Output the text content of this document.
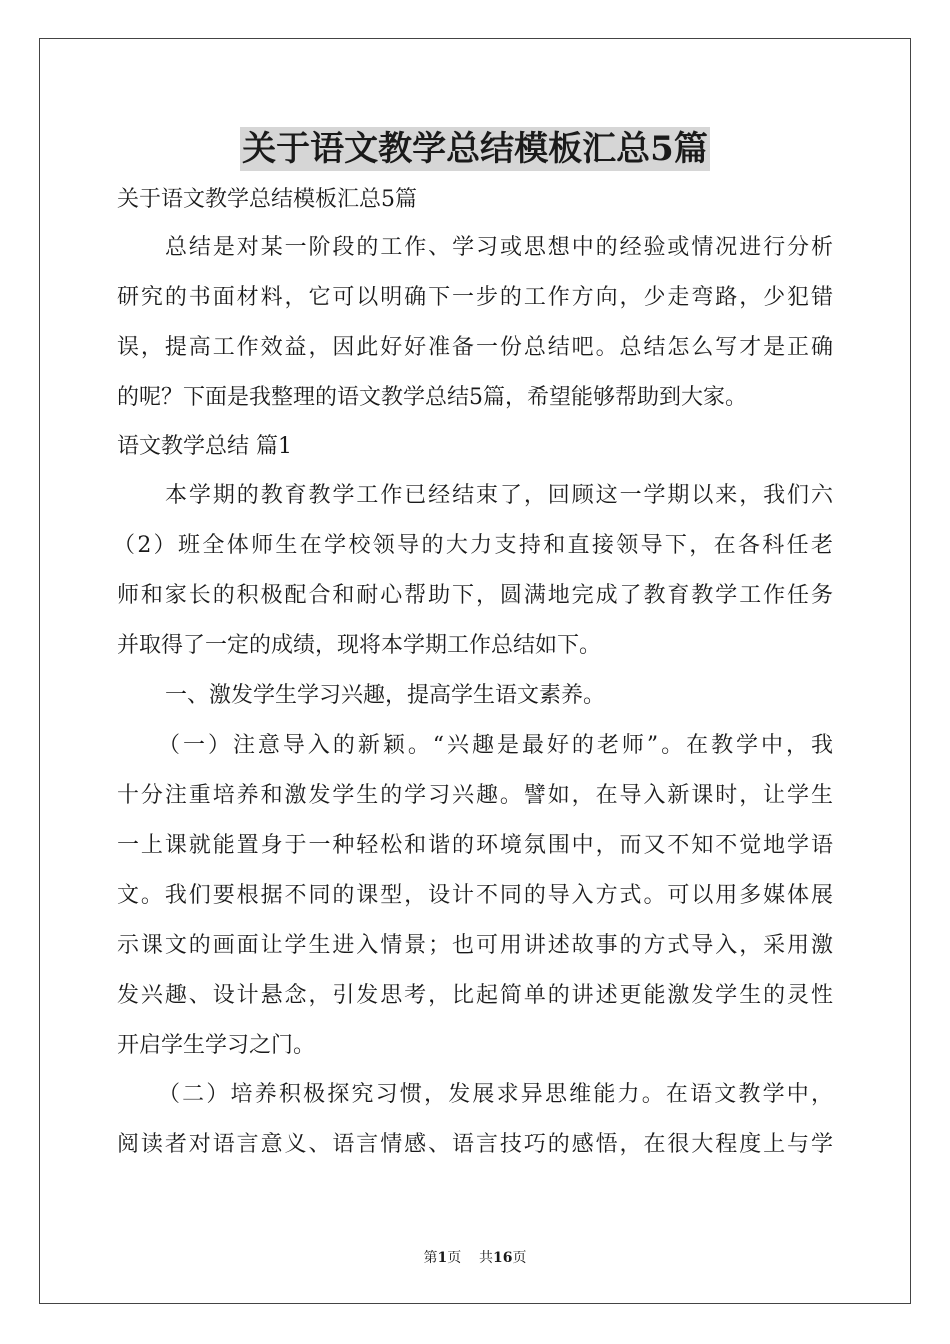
关于语文教学总结模板汇总5篇
关于语文教学总结模板汇总5篇
总结是对某一阶段的工作、学习或思想中的经验或情况进行分析
研究的书面材料，它可以明确下一步的工作方向，少走弯路，少犯错
误，提高工作效益，因此好好准备一份总结吧。总结怎么写才是正确
的呢？下面是我整理的语文教学总结5篇，希望能够帮助到大家。
语文教学总结 篇1
本学期的教育教学工作已经结束了，回顾这一学期以来，我们六
（2）班全体师生在学校领导的大力支持和直接领导下，在各科任老
师和家长的积极配合和耐心帮助下，圆满地完成了教育教学工作任务
并取得了一定的成绩，现将本学期工作总结如下。
一、激发学生学习兴趣，提高学生语文素养。
（一）注意导入的新颖。“兴趣是最好的老师”。在教学中，我
十分注重培养和激发学生的学习兴趣。譬如，在导入新课时，让学生
一上课就能置身于一种轻松和谐的环境氛围中，而又不知不觉地学语
文。我们要根据不同的课型，设计不同的导入方式。可以用多媒体展
示课文的画面让学生进入情景；也可用讲述故事的方式导入，采用激
发兴趣、设计悬念，引发思考，比起简单的讲述更能激发学生的灵性
开启学生学习之门。
（二）培养积极探究习惯，发展求异思维能力。在语文教学中，
阅读者对语言意义、语言情感、语言技巧的感悟，在很大程度上与学
第1页    共16页
